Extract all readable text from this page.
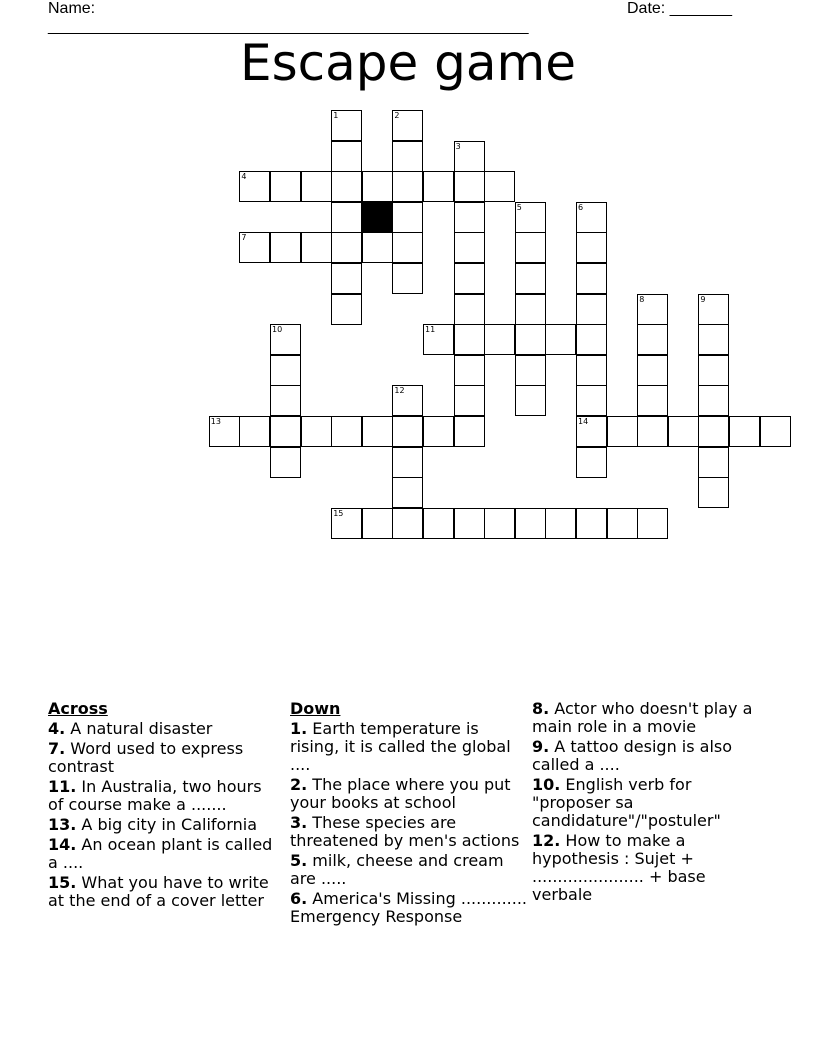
Name: ______________________________________________________
Date: _______
Escape game
1	2
3
4
5	6
7
8	9
10	11
12
13	14
15
Across
4. A natural disaster
7. Word used to express contrast
11. In Australia, two hours of course make a .......
13. A big city in California
14. An ocean plant is called a ....
15. What you have to write at the end of a cover letter
Down
1. Earth temperature is rising, it is called the global ....
2. The place where you put your books at school
3. These species are threatened by men's actions
5. milk, cheese and cream are .....
6. America's Missing ............. Emergency Response
8. Actor who doesn't play a main role in a movie
9. A tattoo design is also called a ....
10. English verb for "proposer sa candidature"/"postuler"
12. How to make a hypothesis : Sujet + ...................... + base verbale
